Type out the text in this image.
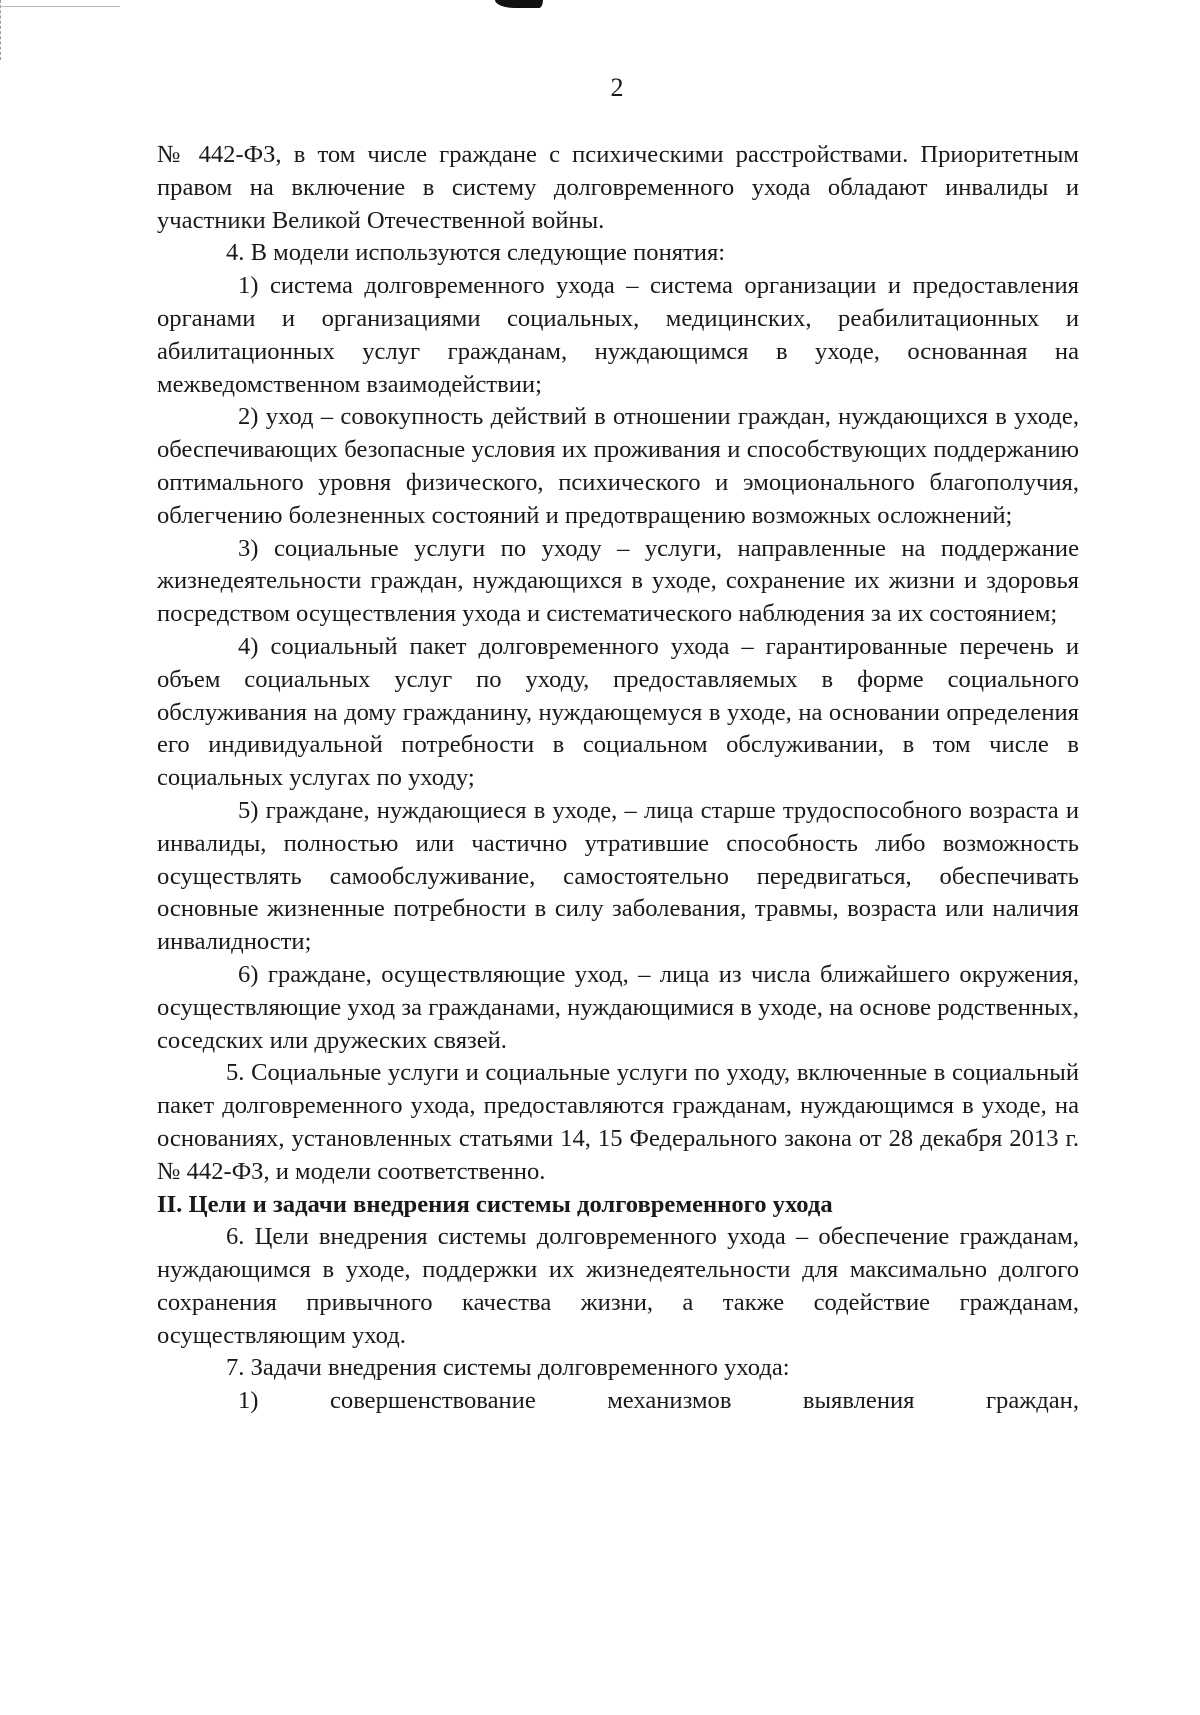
2

№ 442-ФЗ, в том числе граждане с психическими расстройствами. Приоритетным правом на включение в систему долговременного ухода обладают инвалиды и участники Великой Отечественной войны.

4. В модели используются следующие понятия:

1) система долговременного ухода – система организации и предоставления органами и организациями социальных, медицинских, реабилитационных и абилитационных услуг гражданам, нуждающимся в уходе, основанная на межведомственном взаимодействии;

2) уход – совокупность действий в отношении граждан, нуждающихся в уходе, обеспечивающих безопасные условия их проживания и способствующих поддержанию оптимального уровня физического, психического и эмоционального благополучия, облегчению болезненных состояний и предотвращению возможных осложнений;

3) социальные услуги по уходу – услуги, направленные на поддержание жизнедеятельности граждан, нуждающихся в уходе, сохранение их жизни и здоровья посредством осуществления ухода и систематического наблюдения за их состоянием;

4) социальный пакет долговременного ухода – гарантированные перечень и объем социальных услуг по уходу, предоставляемых в форме социального обслуживания на дому гражданину, нуждающемуся в уходе, на основании определения его индивидуальной потребности в социальном обслуживании, в том числе в социальных услугах по уходу;

5) граждане, нуждающиеся в уходе, – лица старше трудоспособного возраста и инвалиды, полностью или частично утратившие способность либо возможность осуществлять самообслуживание, самостоятельно передвигаться, обеспечивать основные жизненные потребности в силу заболевания, травмы, возраста или наличия инвалидности;

6) граждане, осуществляющие уход, – лица из числа ближайшего окружения, осуществляющие уход за гражданами, нуждающимися в уходе, на основе родственных, соседских или дружеских связей.

5. Социальные услуги и социальные услуги по уходу, включенные в социальный пакет долговременного ухода, предоставляются гражданам, нуждающимся в уходе, на основаниях, установленных статьями 14, 15 Федерального закона от 28 декабря 2013 г. № 442-ФЗ, и модели соответственно.

II. Цели и задачи внедрения системы долговременного ухода

6. Цели внедрения системы долговременного ухода – обеспечение гражданам, нуждающимся в уходе, поддержки их жизнедеятельности для максимально долгого сохранения привычного качества жизни, а также содействие гражданам, осуществляющим уход.

7. Задачи внедрения системы долговременного ухода:

1) совершенствование механизмов выявления граждан,
